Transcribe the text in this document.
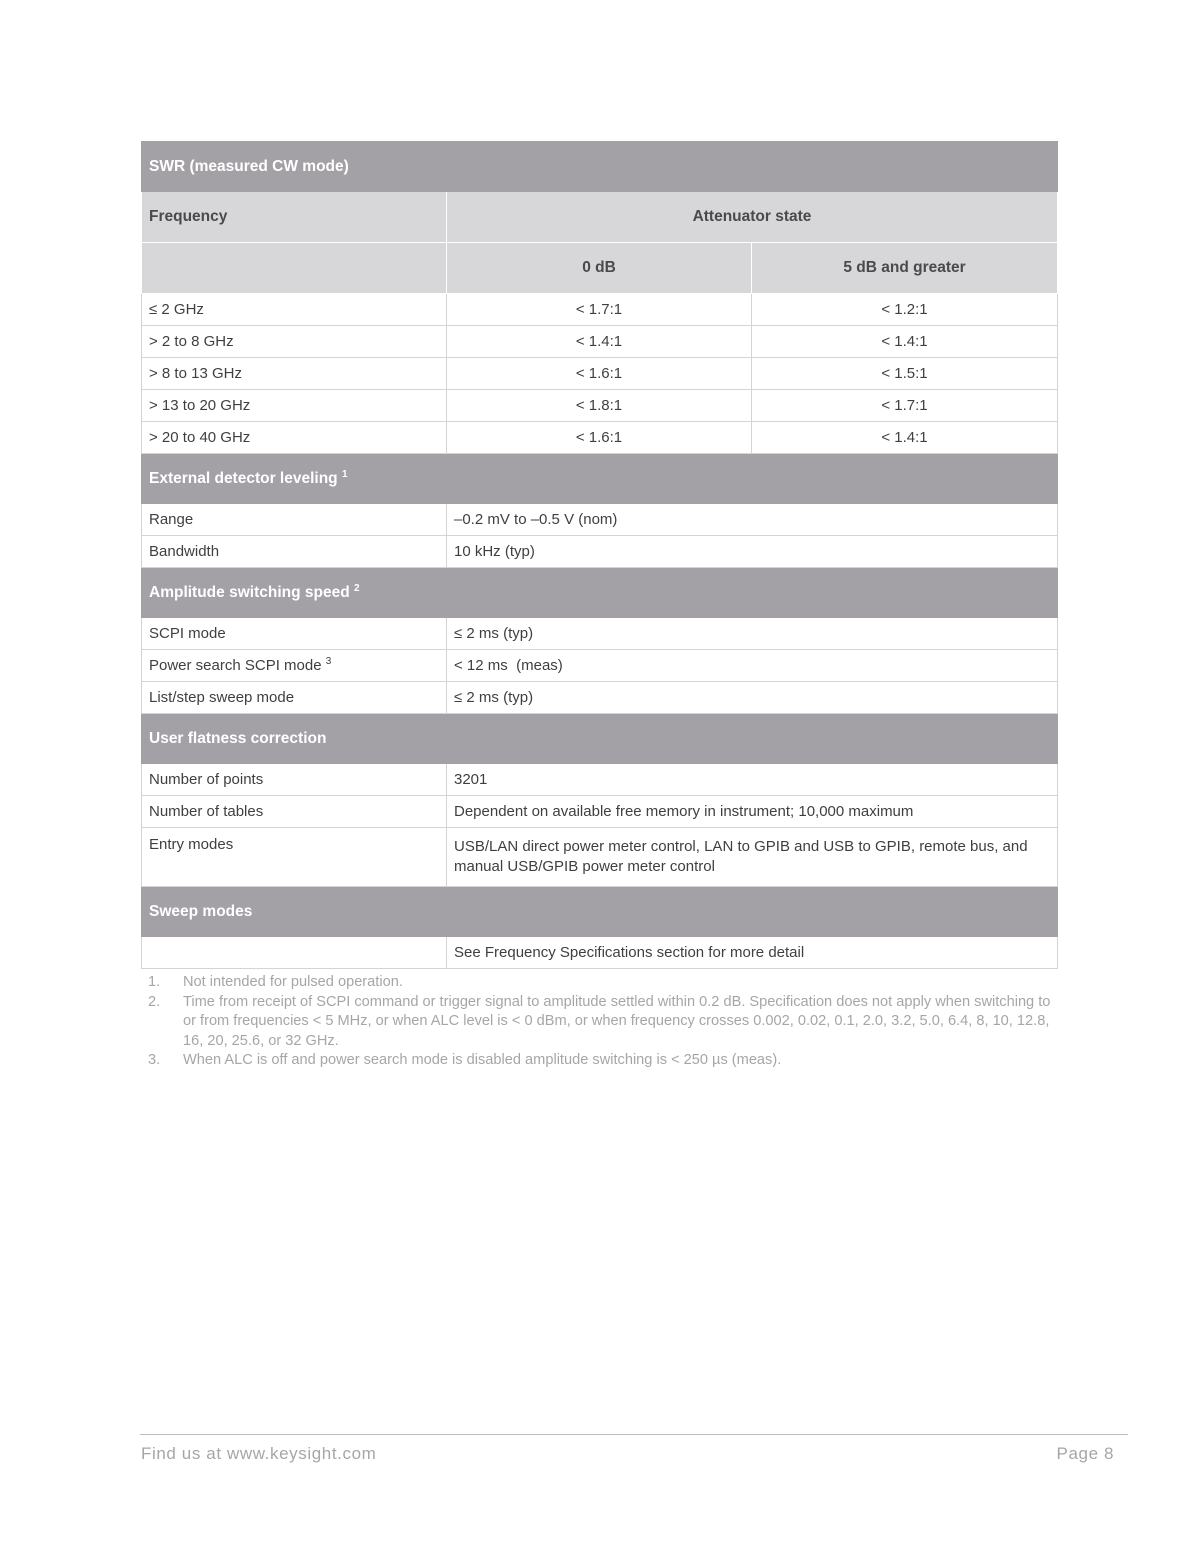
SWR (measured CW mode)		
Frequency	Attenuator state	
	0 dB	5 dB and greater
≤ 2 GHz	< 1.7:1	< 1.2:1
> 2 to 8 GHz	< 1.4:1	< 1.4:1
> 8 to 13 GHz	< 1.6:1	< 1.5:1
> 13 to 20 GHz	< 1.8:1	< 1.7:1
> 20 to 40 GHz	< 1.6:1	< 1.4:1
External detector leveling $^1$
Range	–0.2 mV to –0.5 V (nom)	
Bandwidth	10 kHz (typ)	
Amplitude switching speed $^2$
SCPI mode	≤ 2 ms (typ)	
Power search SCPI mode $^3$	< 12 ms  (meas)	
List/step sweep mode	≤ 2 ms (typ)	
User flatness correction		
Number of points	3201	
Number of tables	Dependent on available free memory in instrument; 10,000 maximum	
Entry modes	USB/LAN direct power meter control, LAN to GPIB and USB to GPIB, remote bus, and manual USB/GPIB power meter control	
Sweep modes		
	See Frequency Specifications section for more detail	
1.	Not intended for pulsed operation.
2.	Time from receipt of SCPI command or trigger signal to amplitude settled within 0.2 dB. Specification does not apply when switching to or from frequencies < 5 MHz, or when ALC level is < 0 dBm, or when frequency crosses 0.002, 0.02, 0.1, 2.0, 3.2, 5.0, 6.4, 8, 10, 12.8, 16, 20, 25.6, or 32 GHz.
3.	When ALC is off and power search mode is disabled amplitude switching is < 250 µs (meas).
Find us at www.keysight.com	Page 8
